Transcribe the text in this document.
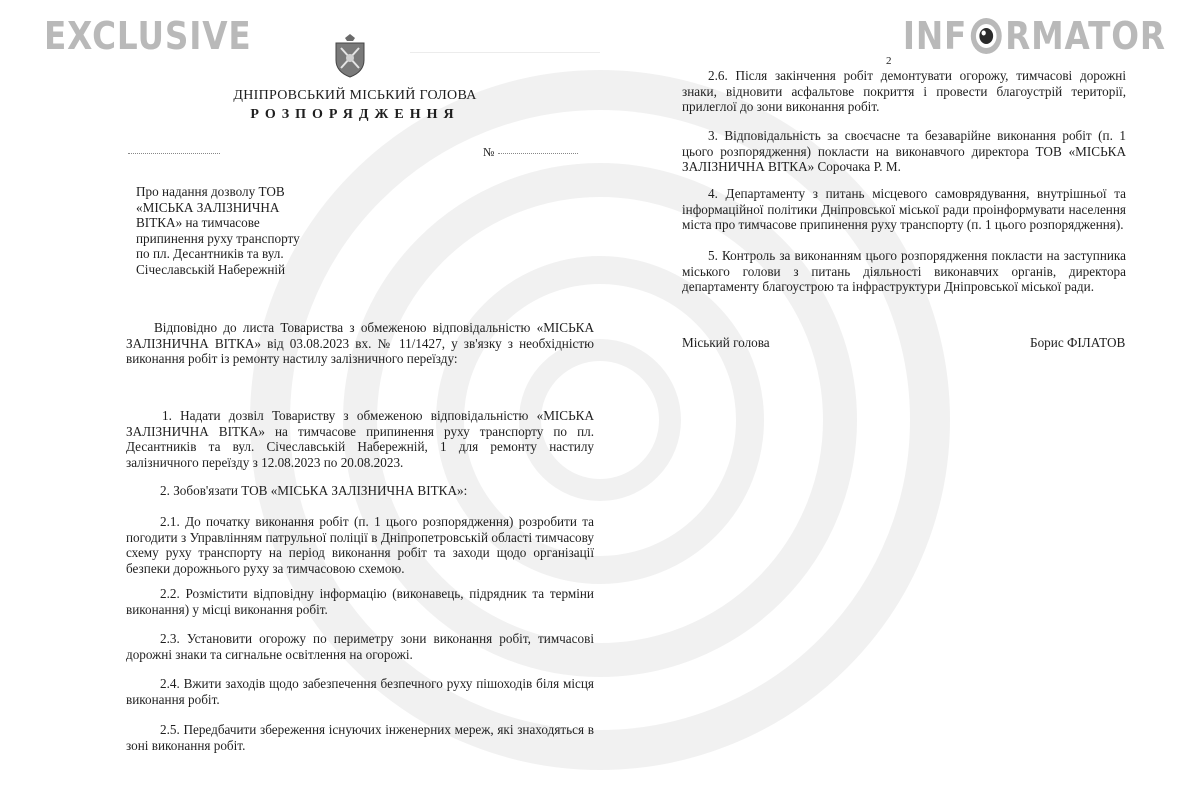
EXCLUSIVE	INF RMATOR
ДНІПРОВСЬКИЙ МІСЬКИЙ ГОЛОВА
РОЗПОРЯДЖЕННЯ
№

Про надання дозволу ТОВ «МІСЬКА ЗАЛІЗНИЧНА ВІТКА» на тимчасове припинення руху транспорту по пл. Десантників та вул. Січеславській Набережній

Відповідно до листа Товариства з обмеженою відповідальністю «МІСЬКА ЗАЛІЗНИЧНА ВІТКА» від 03.08.2023 вх. № 11/1427, у зв'язку з необхідністю виконання робіт із ремонту настилу залізничного переїзду:

1. Надати дозвіл Товариству з обмеженою відповідальністю «МІСЬКА ЗАЛІЗНИЧНА ВІТКА» на тимчасове припинення руху транспорту по пл. Десантників та вул. Січеславській Набережній, 1 для ремонту настилу залізничного переїзду з 12.08.2023 по 20.08.2023.

2. Зобов'язати ТОВ «МІСЬКА ЗАЛІЗНИЧНА ВІТКА»:

2.1. До початку виконання робіт (п. 1 цього розпорядження) розробити та погодити з Управлінням патрульної поліції в Дніпропетровській області тимчасову схему руху транспорту на період виконання робіт та заходи щодо організації безпеки дорожнього руху за тимчасовою схемою.

2.2. Розмістити відповідну інформацію (виконавець, підрядник та терміни виконання) у місці виконання робіт.

2.3. Установити огорожу по периметру зони виконання робіт, тимчасові дорожні знаки та сигнальне освітлення на огорожі.

2.4. Вжити заходів щодо забезпечення безпечного руху пішоходів біля місця виконання робіт.

2.5. Передбачити збереження існуючих інженерних мереж, які знаходяться в зоні виконання робіт.

2

2.6. Після закінчення робіт демонтувати огорожу, тимчасові дорожні знаки, відновити асфальтове покриття і провести благоустрій території, прилеглої до зони виконання робіт.

3. Відповідальність за своєчасне та безаварійне виконання робіт (п. 1 цього розпорядження) покласти на виконавчого директора ТОВ «МІСЬКА ЗАЛІЗНИЧНА ВІТКА» Сорочака Р. М.

4. Департаменту з питань місцевого самоврядування, внутрішньої та інформаційної політики Дніпровської міської ради проінформувати населення міста про тимчасове припинення руху транспорту (п. 1 цього розпорядження).

5. Контроль за виконанням цього розпорядження покласти на заступника міського голови з питань діяльності виконавчих органів, директора департаменту благоустрою та інфраструктури Дніпровської міської ради.

Міський голова	Борис ФІЛАТОВ
